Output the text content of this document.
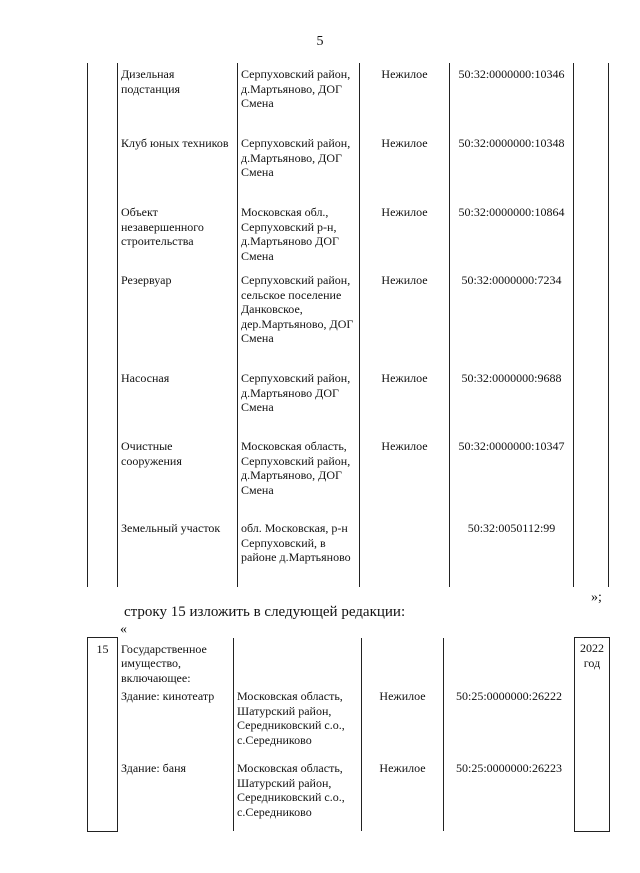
5
	Дизельная подстанция	Серпуховский район, д.Мартьяново, ДОГ Смена	Нежилое	50:32:0000000:10346	
	Клуб юных техников	Серпуховский район, д.Мартьяново, ДОГ Смена	Нежилое	50:32:0000000:10348	
	Объект незавершенного строительства	Московская обл., Серпуховский р-н, д.Мартьяново ДОГ Смена	Нежилое	50:32:0000000:10864	
	Резервуар	Серпуховский район, сельское поселение Данковское, дер.Мартьяново, ДОГ Смена	Нежилое	50:32:0000000:7234	
	Насосная	Серпуховский район, д.Мартьяново ДОГ Смена	Нежилое	50:32:0000000:9688	
	Очистные сооружения	Московская область, Серпуховский район, д.Мартьяново, ДОГ Смена	Нежилое	50:32:0000000:10347	
	Земельный участок	обл. Московская, р-н Серпуховский, в районе д.Мартьяново		50:32:0050112:99	
»;
строку 15 изложить в следующей редакции:
«
15	Государственное имущество, включающее:				2022 год
	Здание: кинотеатр	Московская область, Шатурский район, Середниковский с.о., с.Середниково	Нежилое	50:25:0000000:26222	
	Здание: баня	Московская область, Шатурский район, Середниковский с.о., с.Середниково	Нежилое	50:25:0000000:26223	
